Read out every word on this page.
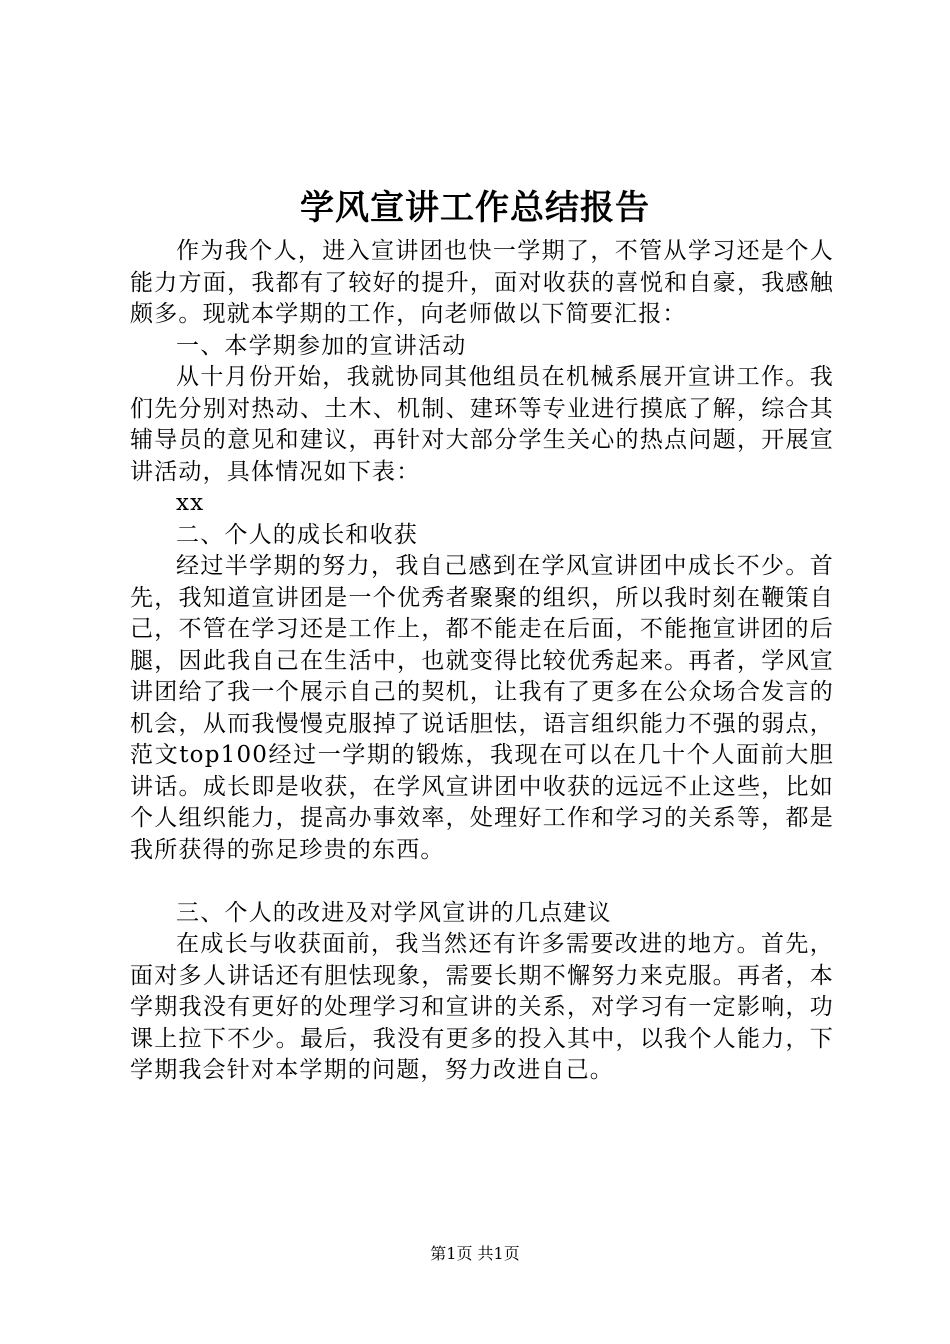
学风宣讲工作总结报告

作为我个人，进入宣讲团也快一学期了，不管从学习还是个人能力方面，我都有了较好的提升，面对收获的喜悦和自豪，我感触颇多。现就本学期的工作，向老师做以下简要汇报：

一、本学期参加的宣讲活动

从十月份开始，我就协同其他组员在机械系展开宣讲工作。我们先分别对热动、土木、机制、建环等专业进行摸底了解，综合其辅导员的意见和建议，再针对大部分学生关心的热点问题，开展宣讲活动，具体情况如下表：

xx

二、个人的成长和收获

经过半学期的努力，我自己感到在学风宣讲团中成长不少。首先，我知道宣讲团是一个优秀者聚聚的组织，所以我时刻在鞭策自己，不管在学习还是工作上，都不能走在后面，不能拖宣讲团的后腿，因此我自己在生活中，也就变得比较优秀起来。再者，学风宣讲团给了我一个展示自己的契机，让我有了更多在公众场合发言的机会，从而我慢慢克服掉了说话胆怯，语言组织能力不强的弱点，范文top100经过一学期的锻炼，我现在可以在几十个人面前大胆讲话。成长即是收获，在学风宣讲团中收获的远远不止这些，比如个人组织能力，提高办事效率，处理好工作和学习的关系等，都是我所获得的弥足珍贵的东西。

三、个人的改进及对学风宣讲的几点建议

在成长与收获面前，我当然还有许多需要改进的地方。首先，面对多人讲话还有胆怯现象，需要长期不懈努力来克服。再者，本学期我没有更好的处理学习和宣讲的关系，对学习有一定影响，功课上拉下不少。最后，我没有更多的投入其中，以我个人能力，下学期我会针对本学期的问题，努力改进自己。

第1页 共1页
